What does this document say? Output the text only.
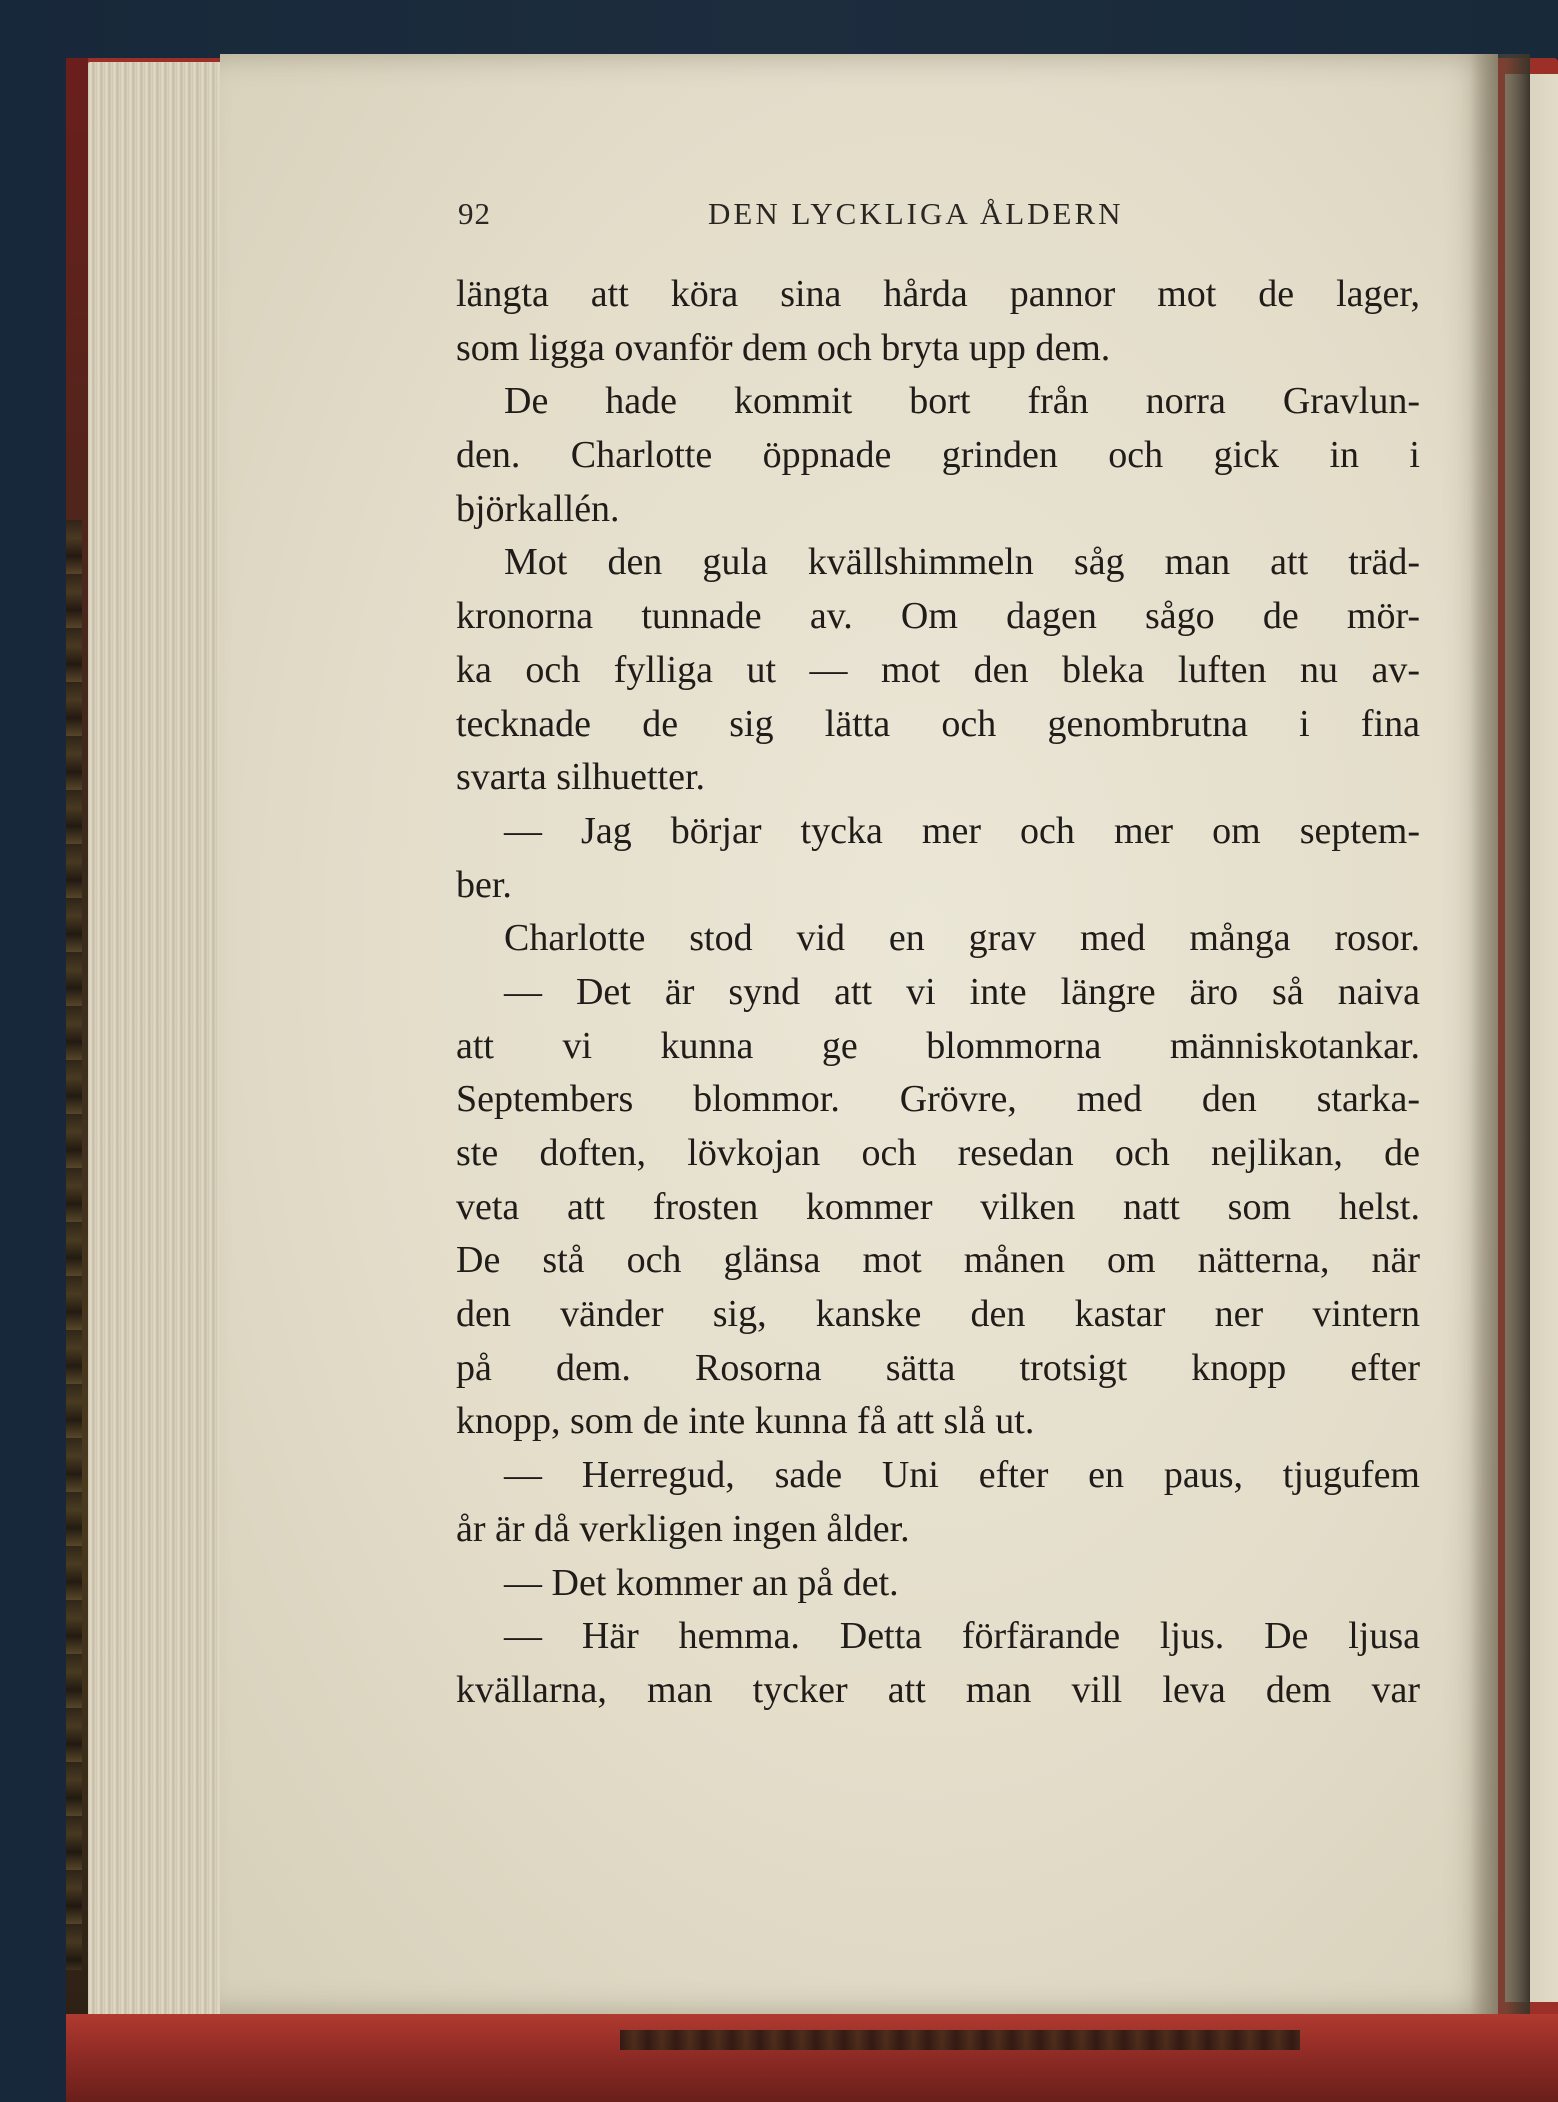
92	DEN LYCKLIGA ÅLDERN
längta att köra sina hårda pannor mot de lager,
som ligga ovanför dem och bryta upp dem.
De hade kommit bort från norra Gravlun-
den. Charlotte öppnade grinden och gick in i
björkallén.
Mot den gula kvällshimmeln såg man att träd-
kronorna tunnade av. Om dagen sågo de mör-
ka och fylliga ut — mot den bleka luften nu av-
tecknade de sig lätta och genombrutna i fina
svarta silhuetter.
— Jag börjar tycka mer och mer om septem-
ber.
Charlotte stod vid en grav med många rosor.
— Det är synd att vi inte längre äro så naiva
att vi kunna ge blommorna människotankar.
Septembers blommor. Grövre, med den starka-
ste doften, lövkojan och resedan och nejlikan, de
veta att frosten kommer vilken natt som helst.
De stå och glänsa mot månen om nätterna, när
den vänder sig, kanske den kastar ner vintern
på dem. Rosorna sätta trotsigt knopp efter
knopp, som de inte kunna få att slå ut.
— Herregud, sade Uni efter en paus, tjugufem
år är då verkligen ingen ålder.
— Det kommer an på det.
— Här hemma. Detta förfärande ljus. De ljusa
kvällarna, man tycker att man vill leva dem var
